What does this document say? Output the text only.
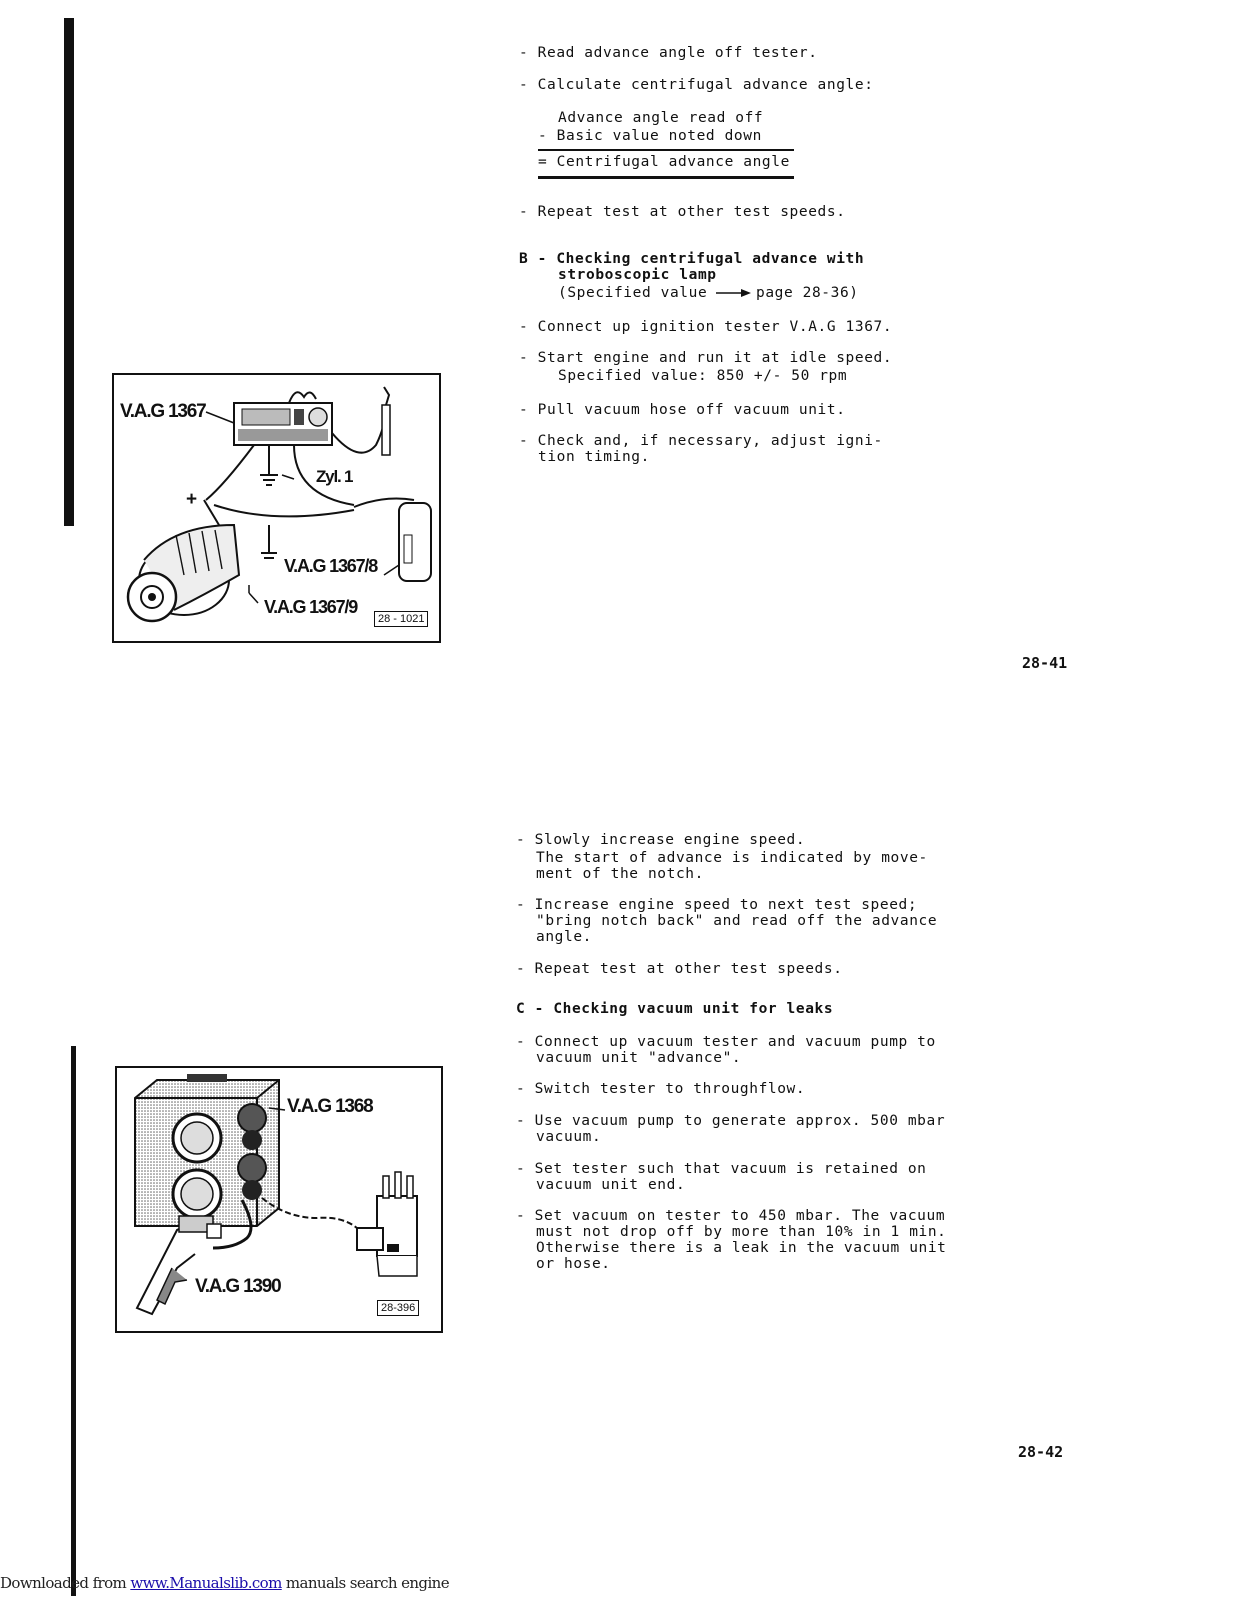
- Read advance angle off tester.
- Calculate centrifugal advance angle:
Advance angle read off
- Basic value noted down
= Centrifugal advance angle
- Repeat test at other test speeds.
B - Checking centrifugal advance with
stroboscopic lamp
(Specified value	page 28-36)
- Connect up ignition tester V.A.G 1367.
- Start engine and run it at idle speed.
Specified value: 850 +/- 50 rpm
- Pull vacuum hose off vacuum unit.
- Check and, if necessary, adjust igni-
tion timing.
V.A.G 1367
Zyl. 1
+
V.A.G 1367/8
V.A.G 1367/9
28 - 1021
28-41
- Slowly increase engine speed.
The start of advance is indicated by move-
ment of the notch.
- Increase engine speed to next test speed;
"bring notch back" and read off the advance
angle.
- Repeat test at other test speeds.
C - Checking vacuum unit for leaks
- Connect up vacuum tester and vacuum pump to
vacuum unit "advance".
- Switch tester to throughflow.
- Use vacuum pump to generate approx. 500 mbar
vacuum.
- Set tester such that vacuum is retained on
vacuum unit end.
- Set vacuum on tester to 450 mbar. The vacuum
must not drop off by more than 10% in 1 min.
Otherwise there is a leak in the vacuum unit
or hose.
V.A.G 1368
V.A.G 1390
28-396
28-42
Downloaded from www.Manualslib.com manuals search engine
